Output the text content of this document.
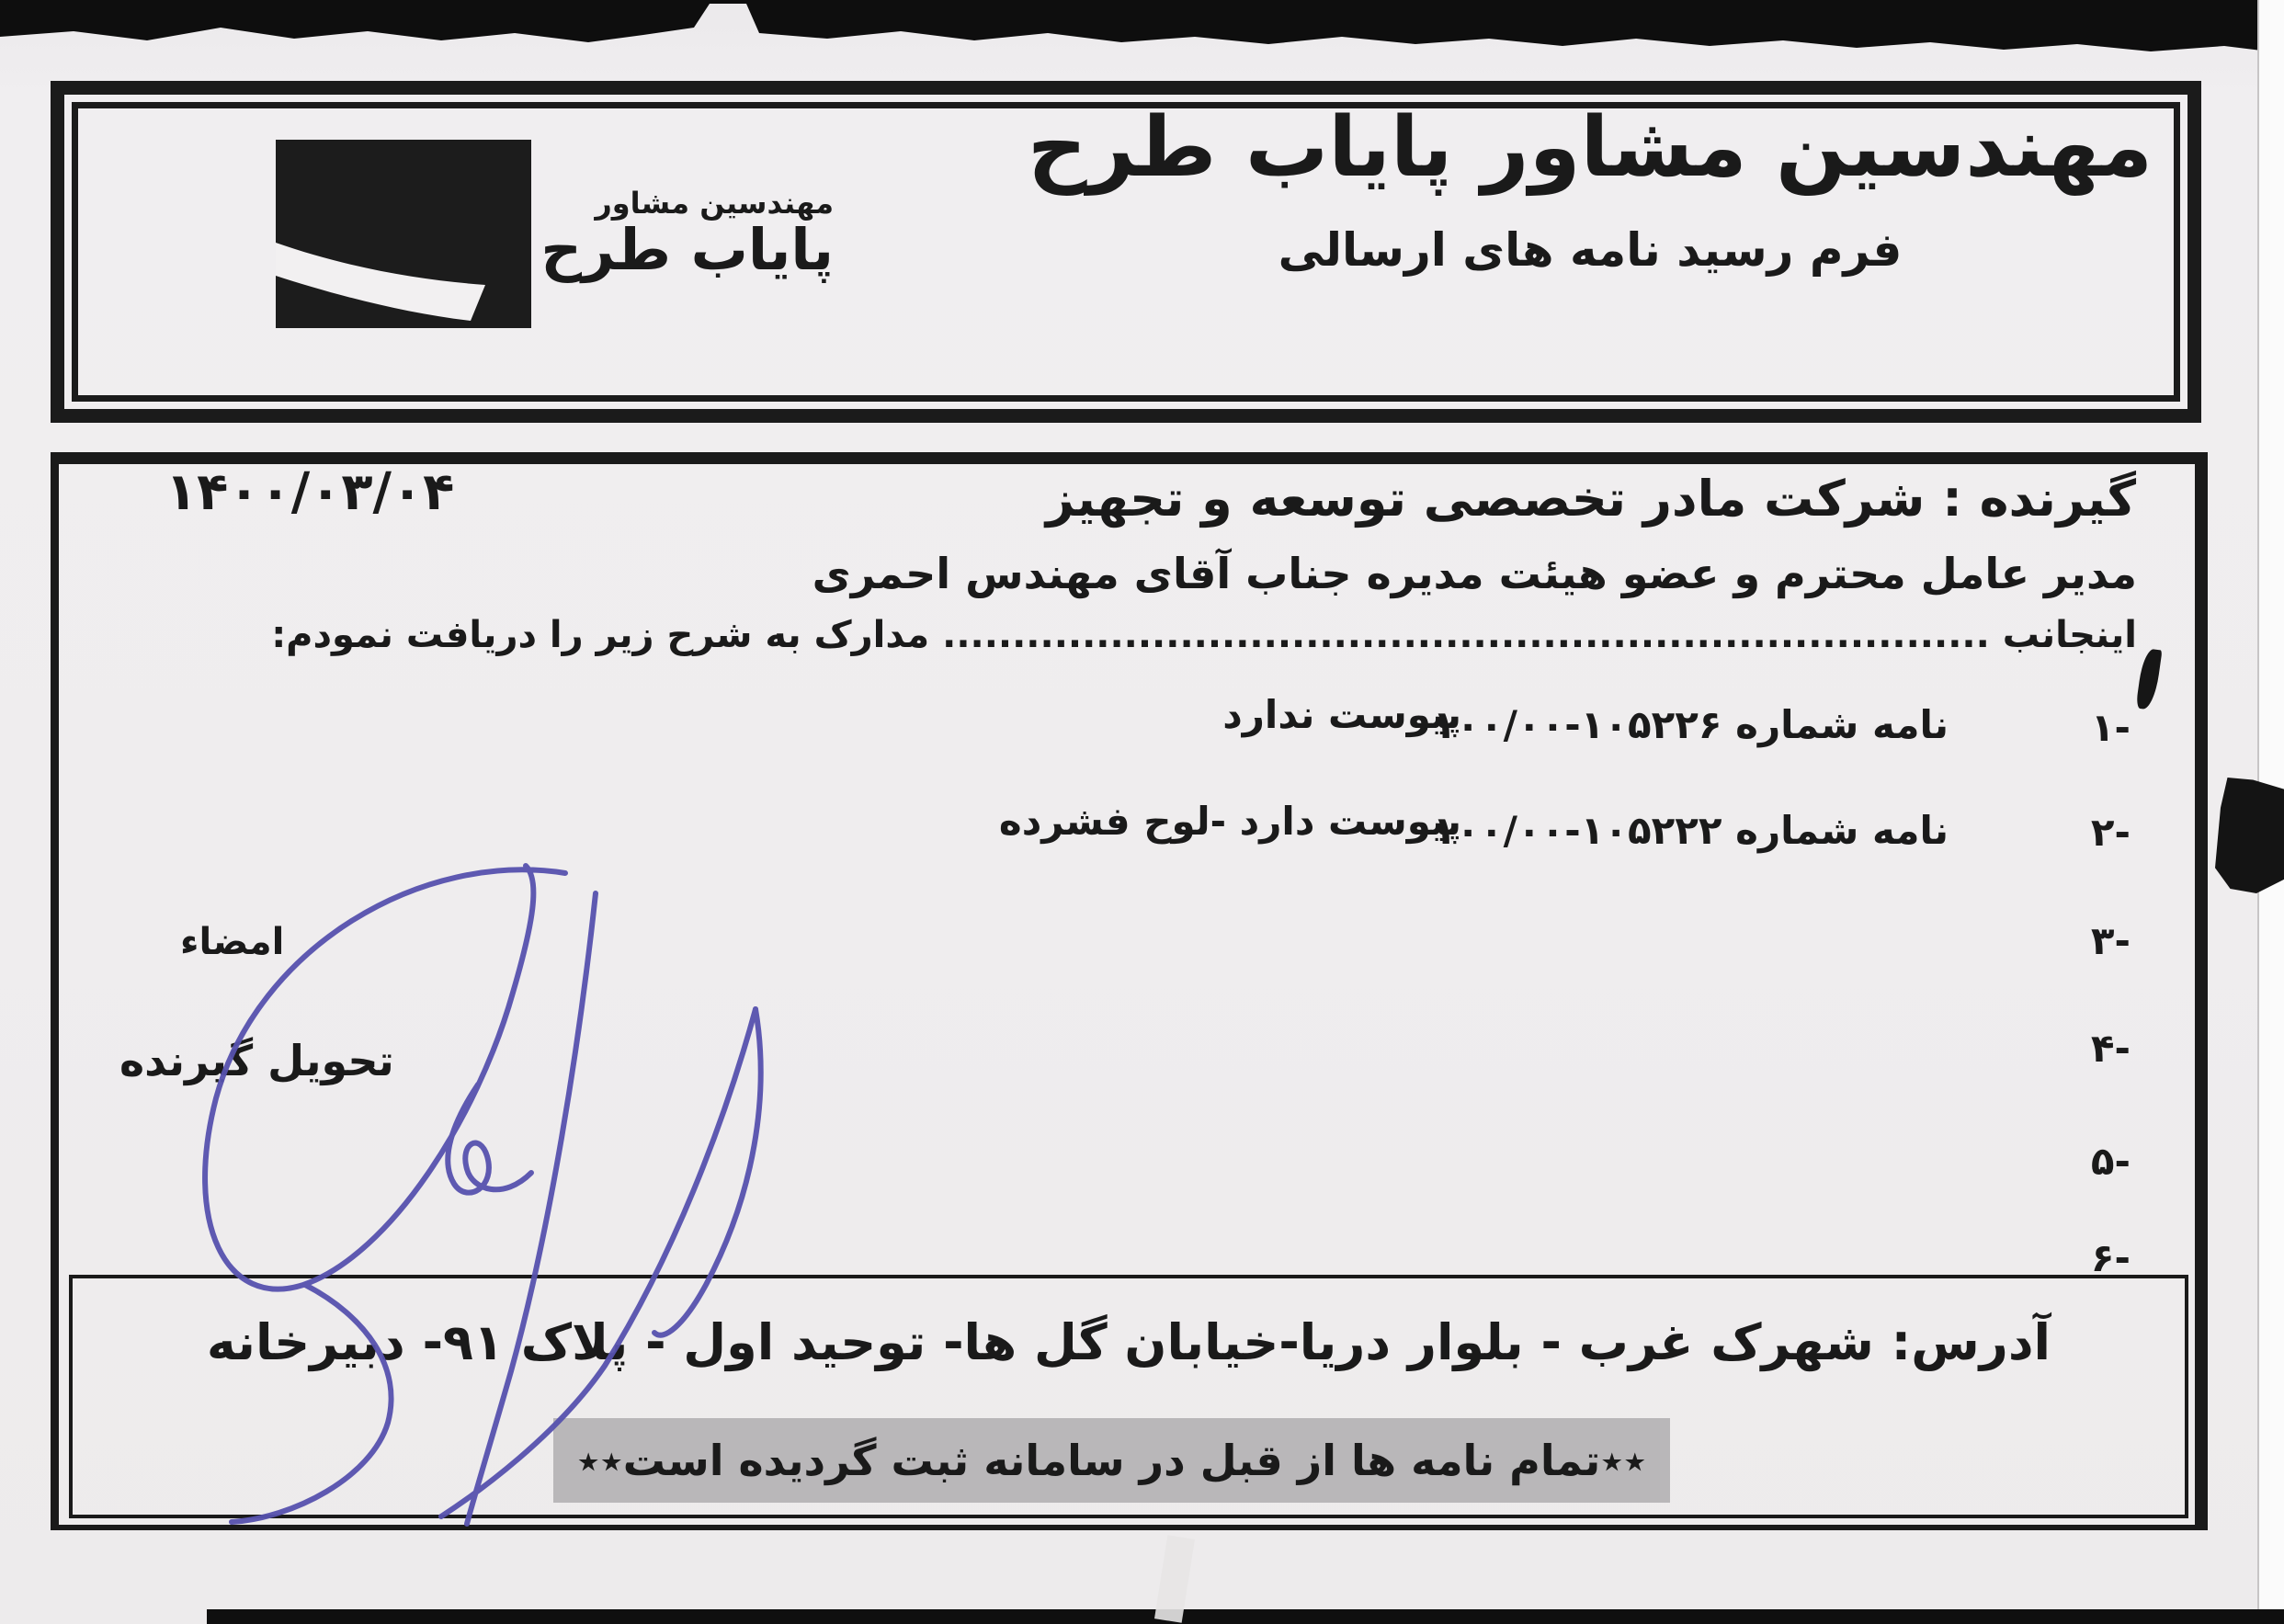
مهندسین مشاور
پایاب طرح
مهندسین مشاور پایاب طرح
فرم رسید نامه های ارسالی
گیرنده : شرکت مادر تخصصی توسعه و تجهیز
۱۴۰۰/۰۳/۰۴
مدیر عامل محترم و عضو هیئت مدیره جناب آقای مهندس احمری
اینجانب ........................................................................... مدارک به شرح زیر را دریافت نمودم:
۱-
نامه شماره ۱۰۵۲۲۶-۱۰۰/۰۰
پیوست ندارد
۲-
نامه شماره ۱۰۵۲۲۲-۱۰۰/۰۰
پیوست دارد -لوح فشرده
۳-
۴-
۵-
۶-
امضاء
تحویل گیرنده
آدرس: شهرک غرب - بلوار دریا-خیابان گل ها- توحید اول - پلاک ۹۱- دبیرخانه
٭٭تمام نامه ها از قبل در سامانه ثبت گردیده است٭٭
